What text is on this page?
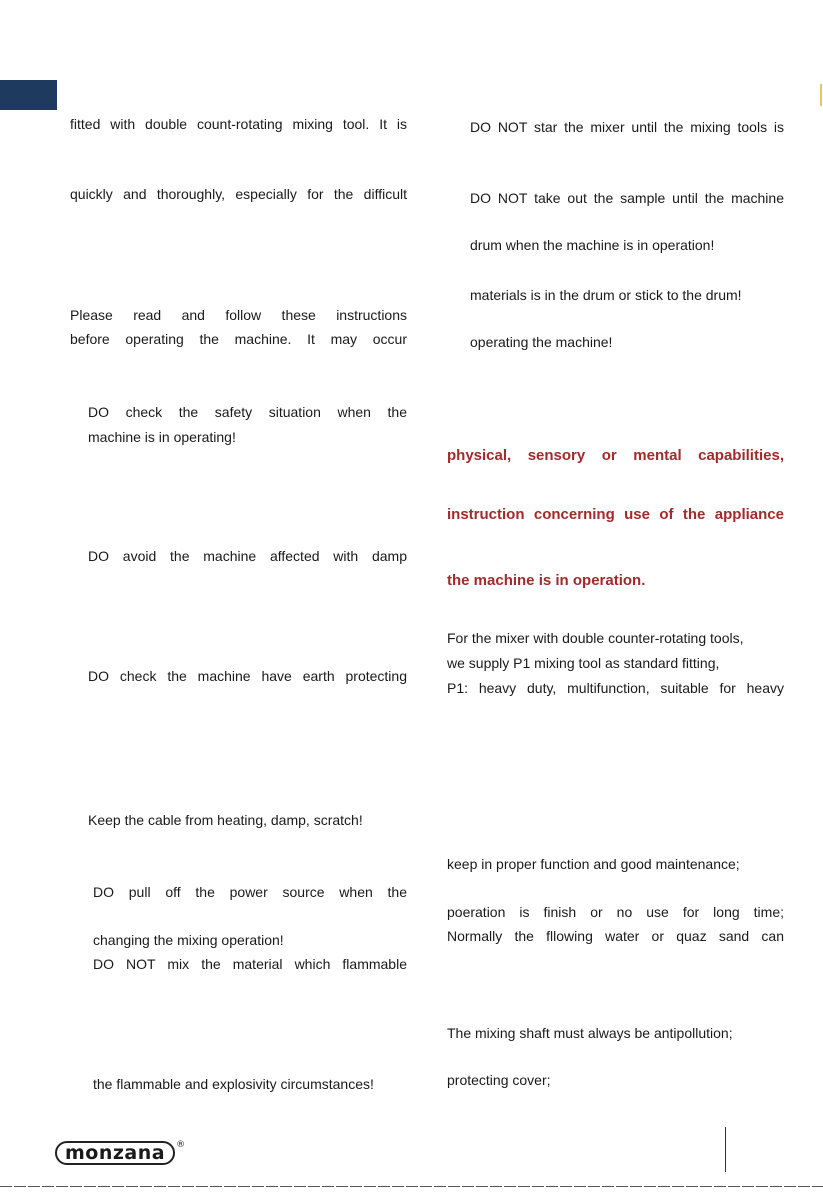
fitted with double count-rotating mixing tool. It is
quickly and thoroughly, especially for the difficult
Please read and follow these instructions
before operating the machine. It may occur
DO check the safety situation when the
machine is in operating!
DO avoid the machine affected with damp
DO check the machine have earth protecting
Keep the cable from heating, damp, scratch!
DO pull off the power source when the
changing the mixing operation!
DO NOT mix the material which flammable
the flammable and explosivity circumstances!
DO NOT star the mixer until the mixing tools is
DO NOT take out the sample until the machine
drum when the machine is in operation!
materials is in the drum or stick to the drum!
operating the machine!
physical, sensory or mental capabilities,
instruction concerning use of the appliance
the machine is in operation.
For the mixer with double counter-rotating tools,
we supply P1 mixing tool as standard fitting,
P1: heavy duty, multifunction, suitable for heavy
keep in proper function and good maintenance;
poeration is finish or no use for long time;
Normally the fllowing water or quaz sand can
The mixing shaft must always be antipollution;
protecting cover;
monzana ®
